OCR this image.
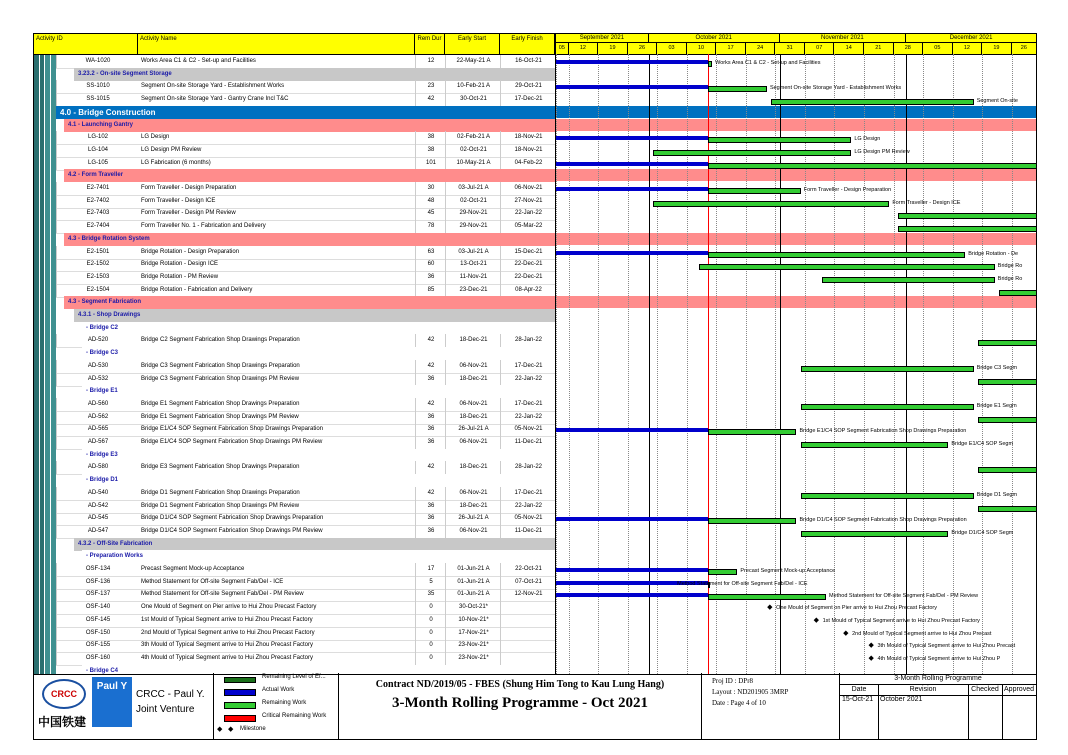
Activity ID	Activity Name	Rem Dur	Early Start	Early Finish
WA-1020	Works Area C1 & C2 - Set-up and Facilities	12	22-May-21 A	16-Oct-21
3.23.2 - On-site Segment Storage
SS-1010	Segment On-site Storage Yard - Establishment Works	23	10-Feb-21 A	29-Oct-21
SS-1015	Segment On-site Storage Yard - Gantry Crane Incl T&C	42	30-Oct-21	17-Dec-21
4.0 - Bridge Construction
4.1 - Launching Gantry
LG-102	LG Design	38	02-Feb-21 A	18-Nov-21
LG-104	LG Design PM Review	38	02-Oct-21	18-Nov-21
LG-105	LG Fabrication (6 months)	101	10-May-21 A	04-Feb-22
4.2 - Form Traveller
E2-7401	Form Traveller - Design Preparation	30	03-Jul-21 A	06-Nov-21
E2-7402	Form Traveller - Design ICE	48	02-Oct-21	27-Nov-21
E2-7403	Form Traveller - Design PM Review	45	29-Nov-21	22-Jan-22
E2-7404	Form Traveller No. 1 - Fabrication and Delivery	78	29-Nov-21	05-Mar-22
4.3 - Bridge Rotation System
E2-1501	Bridge Rotation - Design Preparation	63	03-Jul-21 A	15-Dec-21
E2-1502	Bridge Rotation - Design ICE	60	13-Oct-21	22-Dec-21
E2-1503	Bridge Rotation - PM Review	36	11-Nov-21	22-Dec-21
E2-1504	Bridge Rotation - Fabrication and Delivery	85	23-Dec-21	08-Apr-22
4.3 - Segment Fabrication
4.3.1 - Shop Drawings
- Bridge C2
AD-520	Bridge C2 Segment Fabrication Shop Drawings Preparation	42	18-Dec-21	28-Jan-22
- Bridge C3
AD-530	Bridge C3 Segment Fabrication Shop Drawings Preparation	42	06-Nov-21	17-Dec-21
AD-532	Bridge C3 Segment Fabrication Shop Drawings PM Review	36	18-Dec-21	22-Jan-22
- Bridge E1
AD-560	Bridge E1 Segment Fabrication Shop Drawings Preparation	42	06-Nov-21	17-Dec-21
AD-562	Bridge E1 Segment Fabrication Shop Drawings PM Review	36	18-Dec-21	22-Jan-22
AD-565	Bridge E1/C4 SOP Segment Fabrication Shop Drawings Preparation	36	26-Jul-21 A	05-Nov-21
AD-567	Bridge E1/C4 SOP Segment Fabrication Shop Drawings PM Review	36	06-Nov-21	11-Dec-21
- Bridge E3
AD-580	Bridge E3 Segment Fabrication Shop Drawings Preparation	42	18-Dec-21	28-Jan-22
- Bridge D1
AD-540	Bridge D1 Segment Fabrication Shop Drawings Preparation	42	06-Nov-21	17-Dec-21
AD-542	Bridge D1 Segment Fabrication Shop Drawings PM Review	36	18-Dec-21	22-Jan-22
AD-545	Bridge D1/C4 SOP Segment Fabrication Shop Drawings Preparation	36	26-Jul-21 A	05-Nov-21
AD-547	Bridge D1/C4 SOP Segment Fabrication Shop Drawings PM Review	36	06-Nov-21	11-Dec-21
4.3.2 - Off-Site Fabrication
- Preparation Works
OSF-134	Precast Segment Mock-up Acceptance	17	01-Jun-21 A	22-Oct-21
OSF-136	Method Statement for Off-site Segment Fab/Del - ICE	5	01-Jun-21 A	07-Oct-21
OSF-137	Method Statement for Off-site Segment Fab/Del - PM Review	35	01-Jun-21 A	12-Nov-21
OSF-140	One Mould of Segment on Pier arrive to Hui Zhou Precast Factory	0	30-Oct-21*
OSF-145	1st Mould of Typical Segment arrive to Hui Zhou Precast Factory	0	10-Nov-21*
OSF-150	2nd Mould of Typical Segment arrive to Hui Zhou Precast Factory	0	17-Nov-21*
OSF-155	3th Mould of Typical Segment arrive to Hui Zhou Precast Factory	0	23-Nov-21*
OSF-160	4th Mould of Typical Segment arrive to Hui Zhou Precast Factory	0	23-Nov-21*
- Bridge C4
September 2021	October 2021	November 2021	December 2021
05	12	19	26	03	10	17	24	31	07	14	21	28	05	12	19	26
Works Area C1 & C2 - Set-up and Facilities
Segment On-site Storage Yard - Establishment Works
Segment On-site
LG Design
LG Design PM Review
Form Traveller - Design Preparation
Form Traveller - Design ICE
Bridge Rotation - De
Bridge Ro
Bridge Ro
Bridge C3 Segm
Bridge E1 Segm
Bridge E1/C4 SOP Segment Fabrication Shop Drawings Preparation
Bridge E1/C4 SOP Segm
Bridge D1 Segm
Bridge D1/C4 SOP Segment Fabrication Shop Drawings Preparation
Bridge D1/C4 SOP Segm
Precast Segment Mock-up Acceptance
Method Statement for Off-site Segment Fab/Del - ICE
Method Statement for Off-site Segment Fab/Del - PM Review
◆ One Mould of Segment on Pier arrive to Hui Zhou Precast Factory
◆ 1st Mould of Typical Segment arrive to Hui Zhou Precast Factory
◆ 2nd Mould of Typical Segment arrive to Hui Zhou Precast
◆ 3th Mould of Typical Segment arrive to Hui Zhou Precast
◆ 4th Mould of Typical Segment arrive to Hui Zhou P
CRCC
中国铁建
Paul Y
CRCC - Paul Y. Joint Venture
Remaining Level of Ef...
Actual Work
Remaining Work
Critical Remaining Work
◆ ◆ Milestone
Contract ND/2019/05 - FBES (Shung Him Tong to Kau Lung Hang)
3-Month Rolling Programme - Oct 2021
Proj ID : DPr8
Layout : ND201905 3MRP
Date : Page 4 of 10
3-Month Rolling Programme
Date	Revision	Checked Approved
15-Oct-21 October 2021
